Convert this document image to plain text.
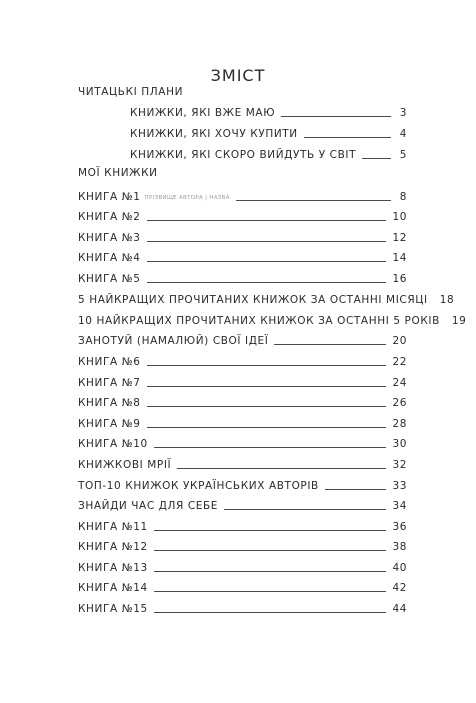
ЗМІСТ
ЧИТАЦЬКІ ПЛАНИ
КНИЖКИ, ЯКІ ВЖЕ МАЮ	3
КНИЖКИ, ЯКІ ХОЧУ КУПИТИ	4
КНИЖКИ, ЯКІ СКОРО ВИЙДУТЬ У СВІТ	5
МОЇ КНИЖКИ
КНИГА №1 ПРІЗВИЩЕ АВТОРА | НАЗВА	8
КНИГА №2	10
КНИГА №3	12
КНИГА №4	14
КНИГА №5	16
5 НАЙКРАЩИХ ПРОЧИТАНИХ КНИЖОК ЗА ОСТАННІ МІСЯЦІ 18
10 НАЙКРАЩИХ ПРОЧИТАНИХ КНИЖОК ЗА ОСТАННІ 5 РОКІВ 19
ЗАНОТУЙ (НАМАЛЮЙ) СВОЇ ІДЕЇ	20
КНИГА №6	22
КНИГА №7	24
КНИГА №8	26
КНИГА №9	28
КНИГА №10	30
КНИЖКОВІ МРІЇ	32
ТОП-10 КНИЖОК УКРАЇНСЬКИХ АВТОРІВ	33
ЗНАЙДИ ЧАС ДЛЯ СЕБЕ	34
КНИГА №11	36
КНИГА №12	38
КНИГА №13	40
КНИГА №14	42
КНИГА №15	44
